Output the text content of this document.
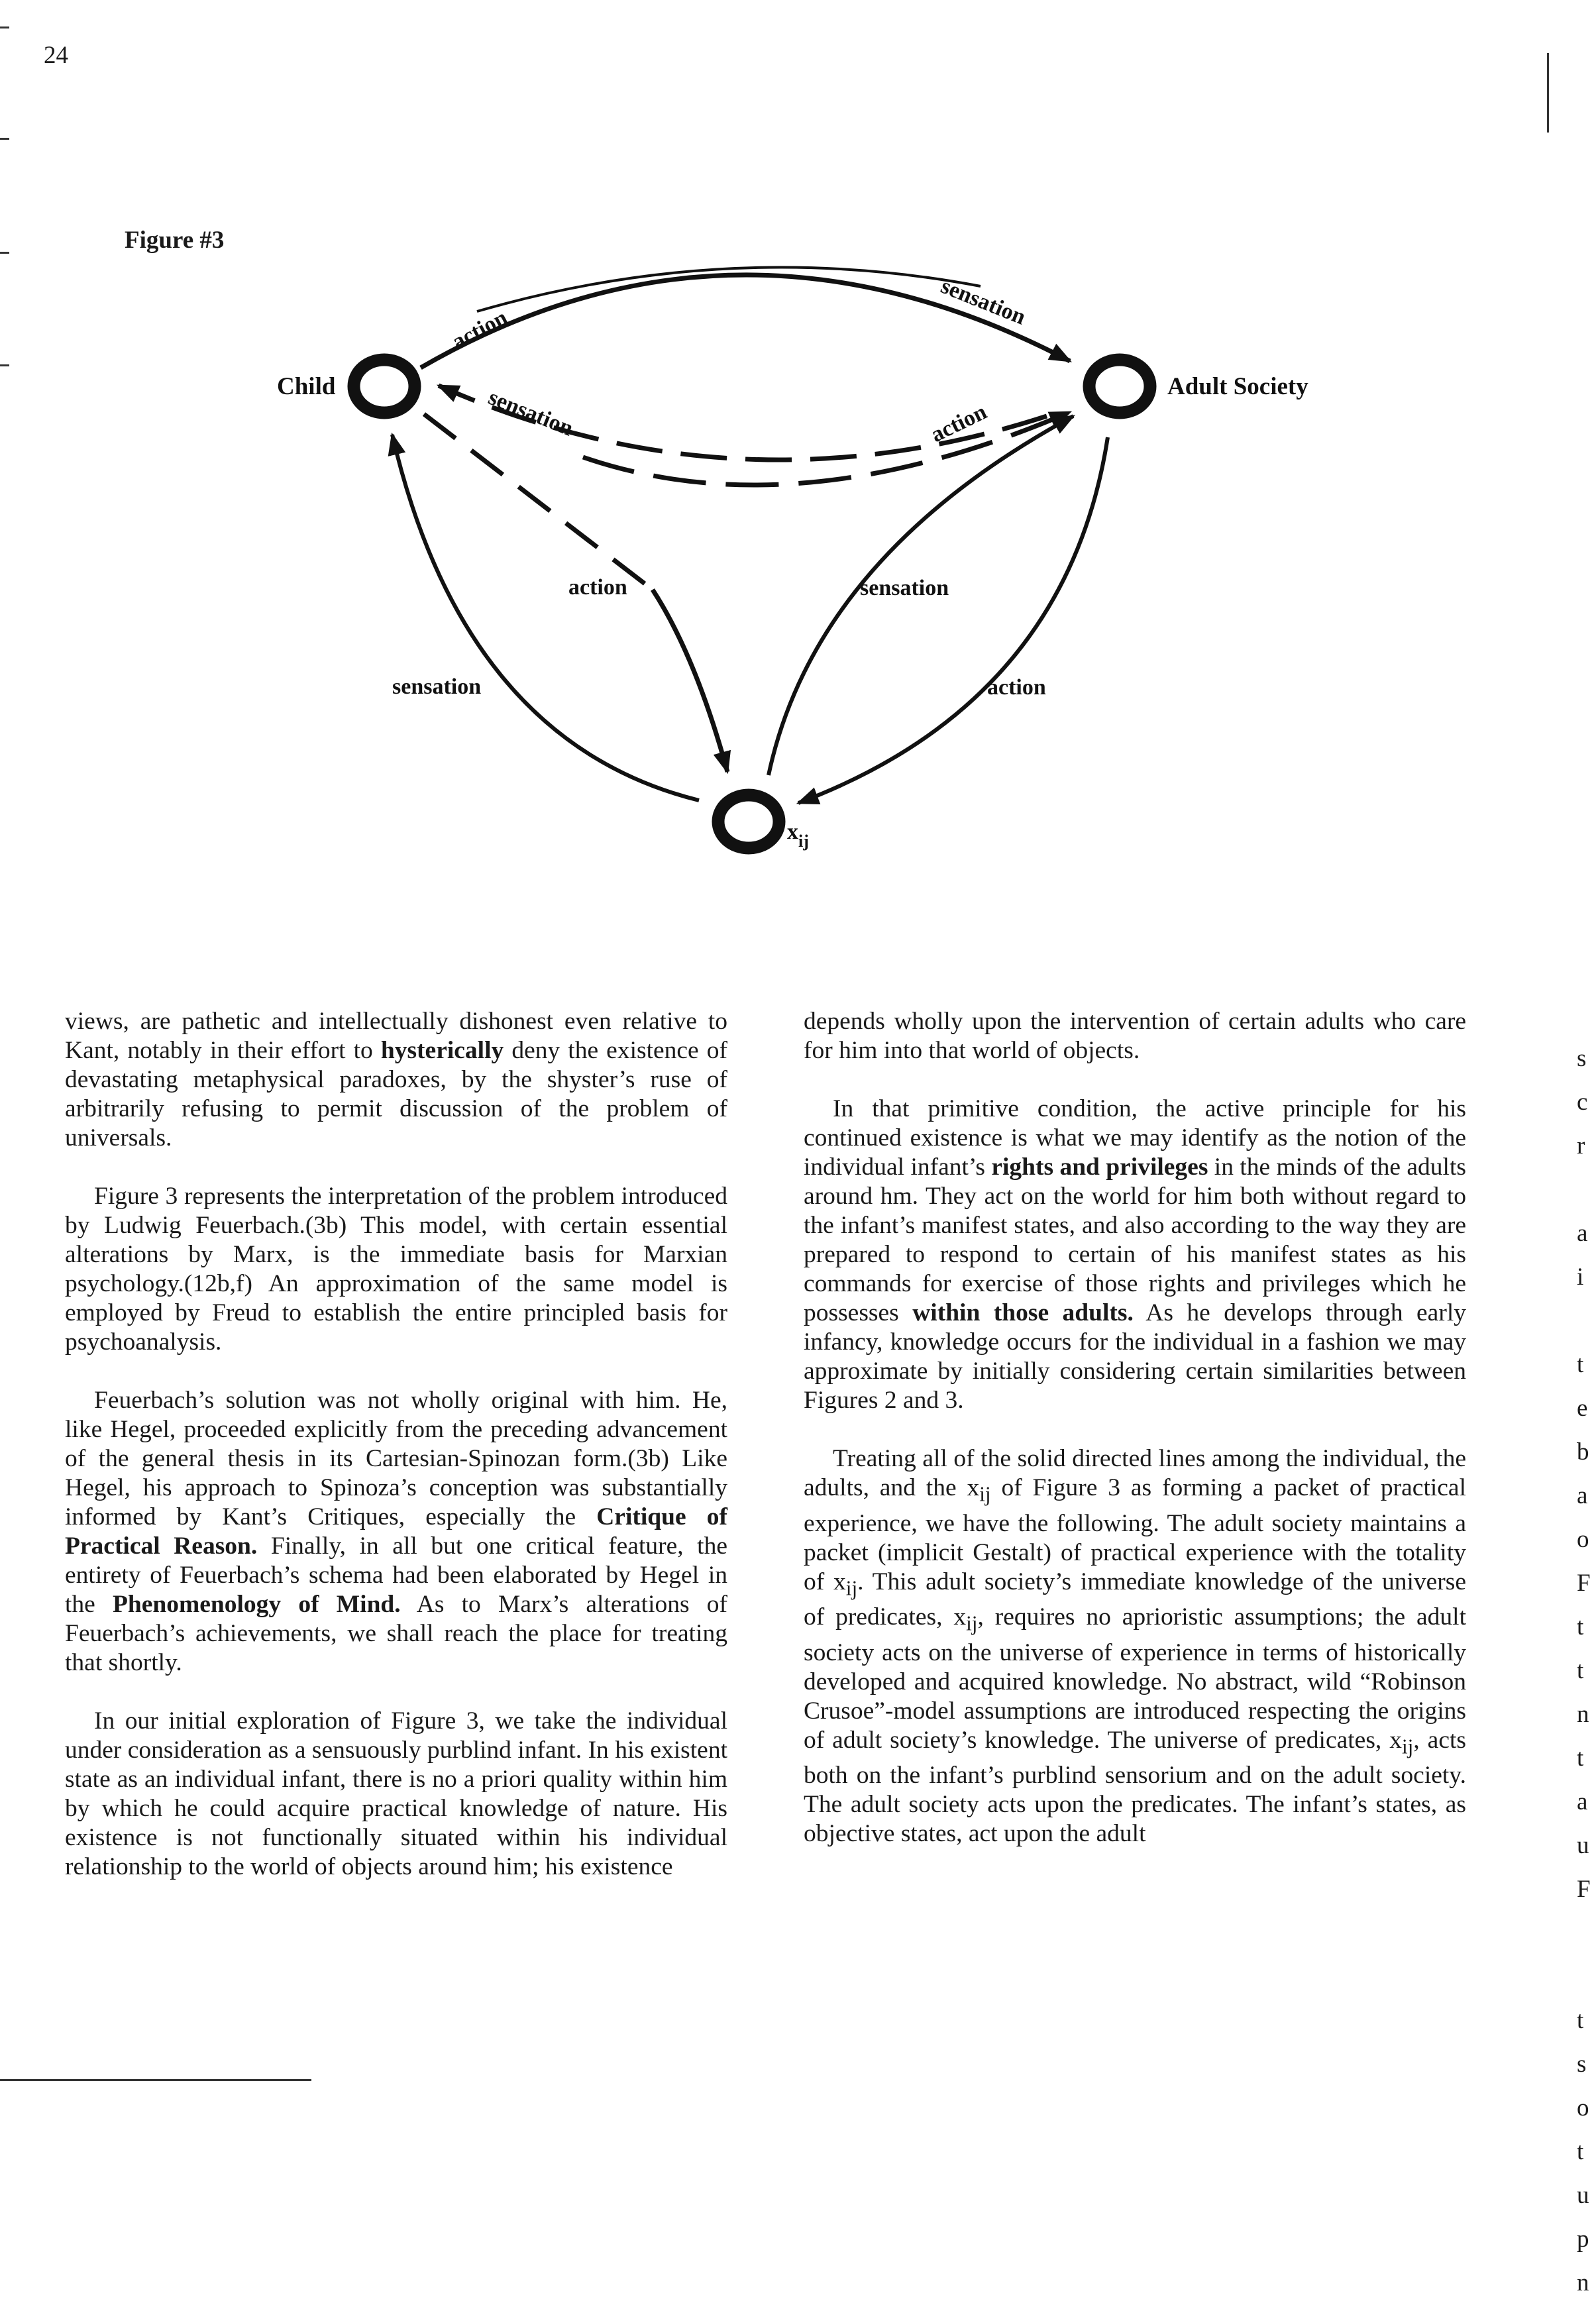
24
Figure #3
Child	Adult Society
$x_{ij}$
action
sensation
sensation	action
action	sensation
sensation	action

views, are pathetic and intellectually dishonest even relative to Kant, notably in their effort to hysterically deny the existence of devastating metaphysical paradoxes, by the shyster’s ruse of arbitrarily refusing to permit discussion of the problem of universals.

Figure 3 represents the interpretation of the problem introduced by Ludwig Feuerbach.(3b) This model, with certain essential alterations by Marx, is the immediate basis for Marxian psychology.(12b,f) An approximation of the same model is employed by Freud to establish the entire principled basis for psychoanalysis.

Feuerbach’s solution was not wholly original with him. He, like Hegel, proceeded explicitly from the preceding advancement of the general thesis in its Cartesian-Spinozan form.(3b) Like Hegel, his approach to Spinoza’s conception was substantially informed by Kant’s Critiques, especially the Critique of Practical Reason. Finally, in all but one critical feature, the entirety of Feuerbach’s schema had been elaborated by Hegel in the Phenomenology of Mind. As to Marx’s alterations of Feuerbach’s achievements, we shall reach the place for treating that shortly.

In our initial exploration of Figure 3, we take the individual under consideration as a sensuously purblind infant. In his existent state as an individual infant, there is no a priori quality within him by which he could acquire practical knowledge of nature. His existence is not functionally situated within his individual relationship to the world of objects around him; his existence

depends wholly upon the intervention of certain adults who care for him into that world of objects.

In that primitive condition, the active principle for his continued existence is what we may identify as the notion of the individual infant’s rights and privileges in the minds of the adults around hm. They act on the world for him both without regard to the infant’s manifest states, and also according to the way they are prepared to respond to certain of his manifest states as his commands for exercise of those rights and privileges which he possesses within those adults. As he develops through early infancy, knowledge occurs for the individual in a fashion we may approximate by initially considering certain similarities between Figures 2 and 3.

Treating all of the solid directed lines among the individual, the adults, and the $x_{ij}$ of Figure 3 as forming a packet of practical experience, we have the following. The adult society maintains a packet (implicit Gestalt) of practical experience with the totality of $x_{ij}$. This adult society’s immediate knowledge of the universe of predicates, $x_{ij}$, requires no aprioristic assumptions; the adult society acts on the universe of experience in terms of historically developed and acquired knowledge. No abstract, wild “Robinson Crusoe”-model assumptions are introduced respecting the origins of adult society’s knowledge. The universe of predicates, $x_{ij}$, acts both on the infant’s purblind sensorium and on the adult society. The adult society acts upon the predicates. The infant’s states, as objective states, act upon the adult

s
c
r

a
i

t
e
b
a
o
F
t
t
n
t
a
u
F

t
s
o
t
u
p
n
